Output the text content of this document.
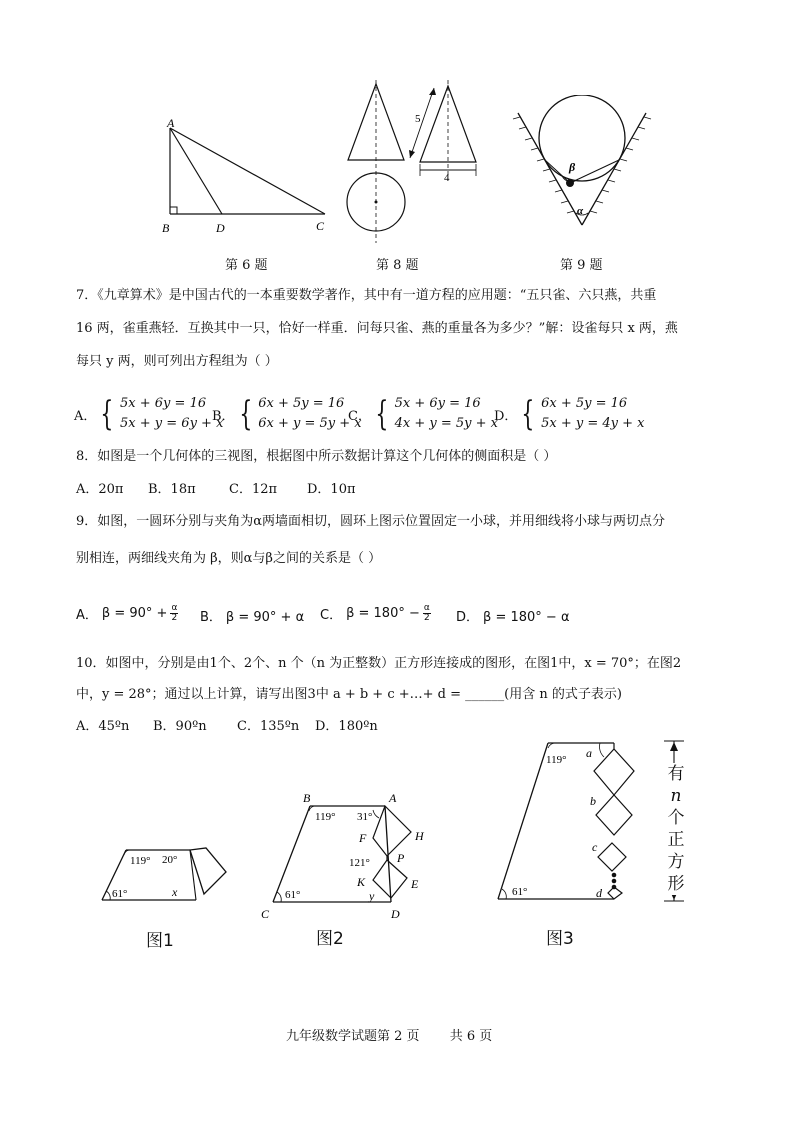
A
B	D	C
第 6 题
5
4
第 8 题
β
α
第 9 题
7．《九章算术》是中国古代的一本重要数学著作，其中有一道方程的应用题：“五只雀、六只燕，共重
16 两，雀重燕轻．互换其中一只，恰好一样重．问每只雀、燕的重量各为多少？”解：设雀每只 x 两，燕
每只 y 两，则可列出方程组为（ ）
A． { 5x + 6y = 16
5x + y = 6y + x
B． { 6x + 5y = 16
6x + y = 5y + x
C． { 5x + 6y = 16
4x + y = 5y + x
D． { 6x + 5y = 16
5x + y = 4y + x
8．如图是一个几何体的三视图，根据图中所示数据计算这个几何体的侧面积是（ ）
A．20π B．18π	C．12π D．10π
9．如图，一圆环分别与夹角为α两墙面相切，圆环上图示位置固定一小球，并用细线将小球与两切点分
别相连，两细线夹角为 β，则α与β之间的关系是（ ）
A． $\beta = 90^\circ + \frac{\alpha}{2}$ B． β = 90° + α C． $\beta = 180^\circ - \frac{\alpha}{2}$ D． β = 180° − α
10．如图中，分别是由1个、2个、n 个（n 为正整数）正方形连接成的图形，在图1中，x = 70°；在图2
中，y = 28°；通过以上计算，请写出图3中 a + b + c +…+ d = ______(用含 n 的式子表示)
A．45ºn B．90ºn C．135ºn D．180ºn
119° 20°
61°	x
图1
B	A
119° 31°
F	H
121° P
K	E
61°	y
C	D
图2
119° a
b
c
d
61°
有
n
个
正
方
形
图3
九年级数学试题第 2 页 共 6 页
